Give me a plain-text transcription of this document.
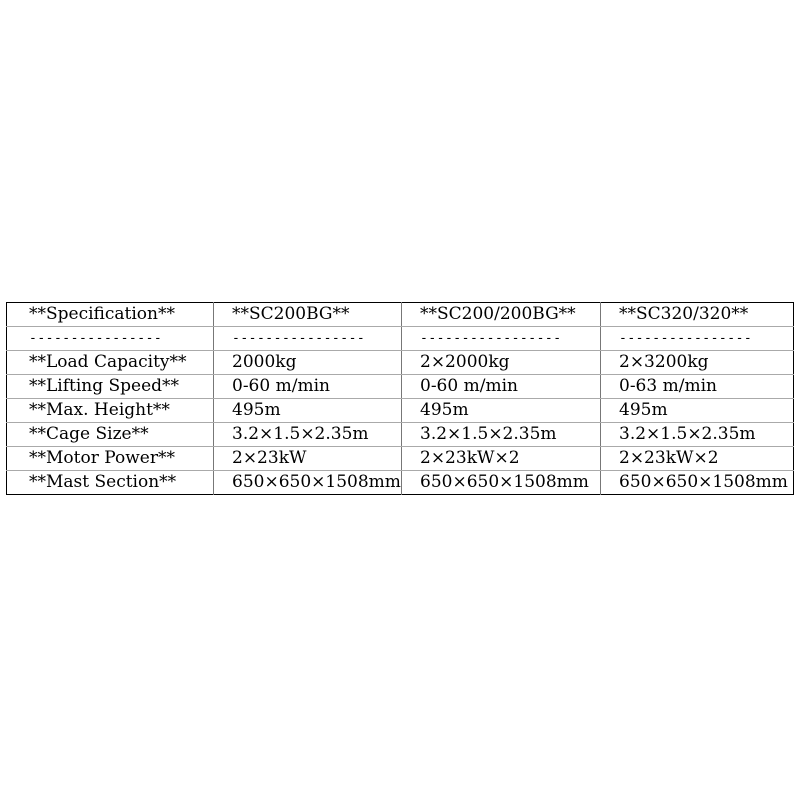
**Specification**	**SC200BG**	**SC200/200BG**	**SC320/320**
----------------	----------------	-----------------	----------------
**Load Capacity**	2000kg	2×2000kg	2×3200kg
**Lifting Speed**	0-60 m/min	0-60 m/min	0-63 m/min
**Max. Height**	495m	495m	495m
**Cage Size**	3.2×1.5×2.35m	3.2×1.5×2.35m	3.2×1.5×2.35m
**Motor Power**	2×23kW	2×23kW×2	2×23kW×2
**Mast Section**	650×650×1508mm	650×650×1508mm	650×650×1508mm
